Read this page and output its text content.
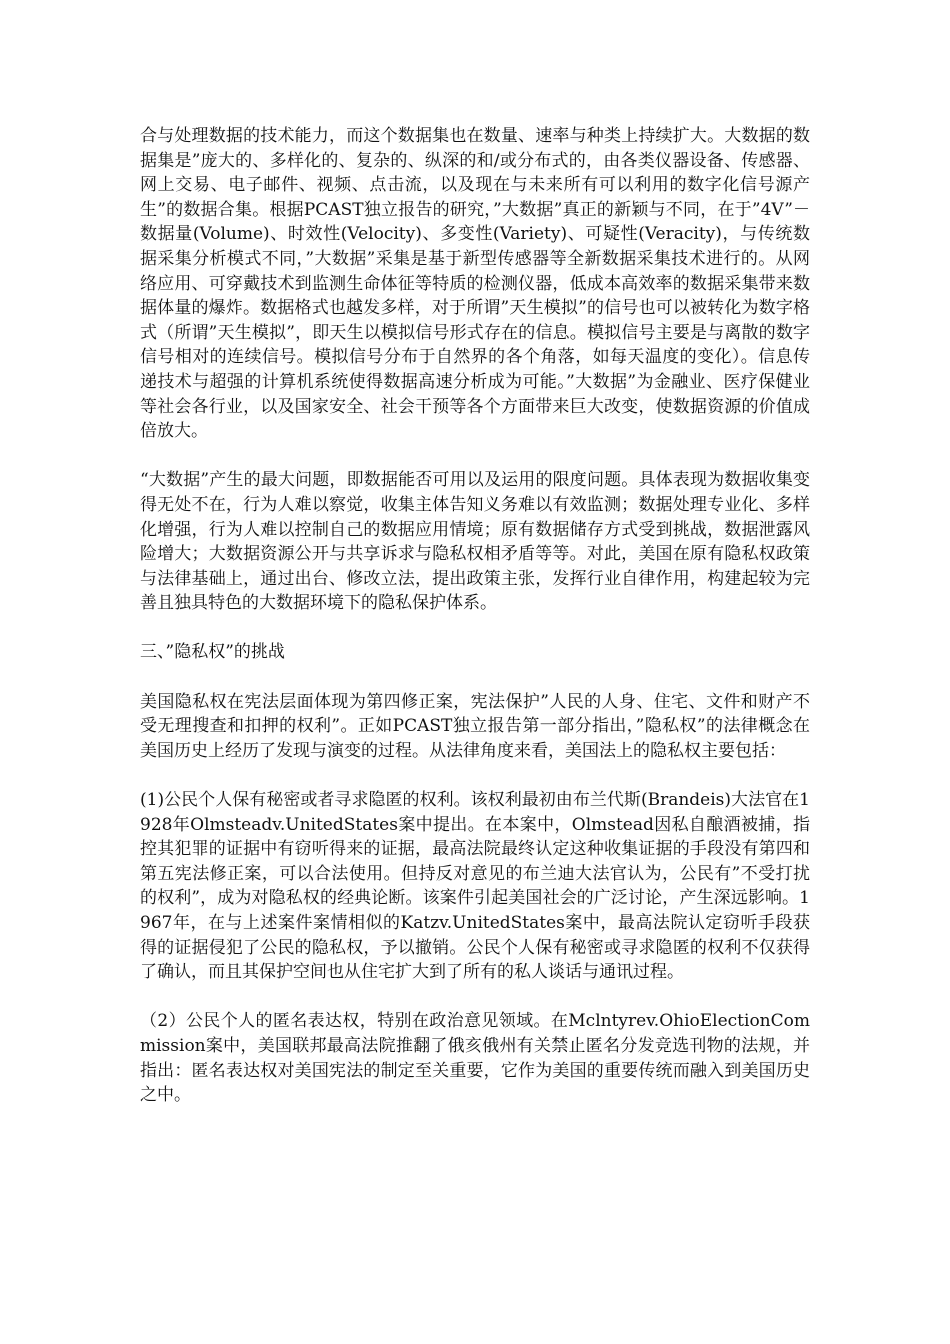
合与处理数据的技术能力，而这个数据集也在数量、速率与种类上持续扩大。大数据的数据集是”庞大的、多样化的、复杂的、纵深的和/或分布式的，由各类仪器设备、传感器、网上交易、电子邮件、视频、点击流，以及现在与未来所有可以利用的数字化信号源产生”的数据合集。根据PCAST独立报告的研究，”大数据”真正的新颖与不同，在于”4V”－数据量(Volume)、时效性(Velocity)、多变性(Variety)、可疑性(Veracity)，与传统数据采集分析模式不同，”大数据”采集是基于新型传感器等全新数据采集技术进行的。从网络应用、可穿戴技术到监测生命体征等特质的检测仪器，低成本高效率的数据采集带来数据体量的爆炸。数据格式也越发多样，对于所谓”天生模拟”的信号也可以被转化为数字格式（所谓”天生模拟”，即天生以模拟信号形式存在的信息。模拟信号主要是与离散的数字信号相对的连续信号。模拟信号分布于自然界的各个角落，如每天温度的变化）。信息传递技术与超强的计算机系统使得数据高速分析成为可能。”大数据”为金融业、医疗保健业等社会各行业，以及国家安全、社会干预等各个方面带来巨大改变，使数据资源的价值成倍放大。

“大数据”产生的最大问题，即数据能否可用以及运用的限度问题。具体表现为数据收集变得无处不在，行为人难以察觉，收集主体告知义务难以有效监测；数据处理专业化、多样化增强，行为人难以控制自己的数据应用情境；原有数据储存方式受到挑战，数据泄露风险增大；大数据资源公开与共享诉求与隐私权相矛盾等等。对此，美国在原有隐私权政策与法律基础上，通过出台、修改立法，提出政策主张，发挥行业自律作用，构建起较为完善且独具特色的大数据环境下的隐私保护体系。

三、”隐私权”的挑战

美国隐私权在宪法层面体现为第四修正案，宪法保护”人民的人身、住宅、文件和财产不受无理搜查和扣押的权利”。正如PCAST独立报告第一部分指出，”隐私权”的法律概念在美国历史上经历了发现与演变的过程。从法律角度来看，美国法上的隐私权主要包括：

(1)公民个人保有秘密或者寻求隐匿的权利。该权利最初由布兰代斯(Brandeis)大法官在1928年Olmsteadv.UnitedStates案中提出。在本案中，Olmstead因私自酿酒被捕，指控其犯罪的证据中有窃听得来的证据，最高法院最终认定这种收集证据的手段没有第四和第五宪法修正案，可以合法使用。但持反对意见的布兰迪大法官认为，公民有”不受打扰的权利”，成为对隐私权的经典论断。该案件引起美国社会的广泛讨论，产生深远影响。1967年，在与上述案件案情相似的Katzv.UnitedStates案中，最高法院认定窃听手段获得的证据侵犯了公民的隐私权，予以撤销。公民个人保有秘密或寻求隐匿的权利不仅获得了确认，而且其保护空间也从住宅扩大到了所有的私人谈话与通讯过程。

（2）公民个人的匿名表达权，特别在政治意见领域。在Mclntyrev.OhioElectionCommission案中，美国联邦最高法院推翻了俄亥俄州有关禁止匿名分发竞选刊物的法规，并指出：匿名表达权对美国宪法的制定至关重要，它作为美国的重要传统而融入到美国历史之中。
